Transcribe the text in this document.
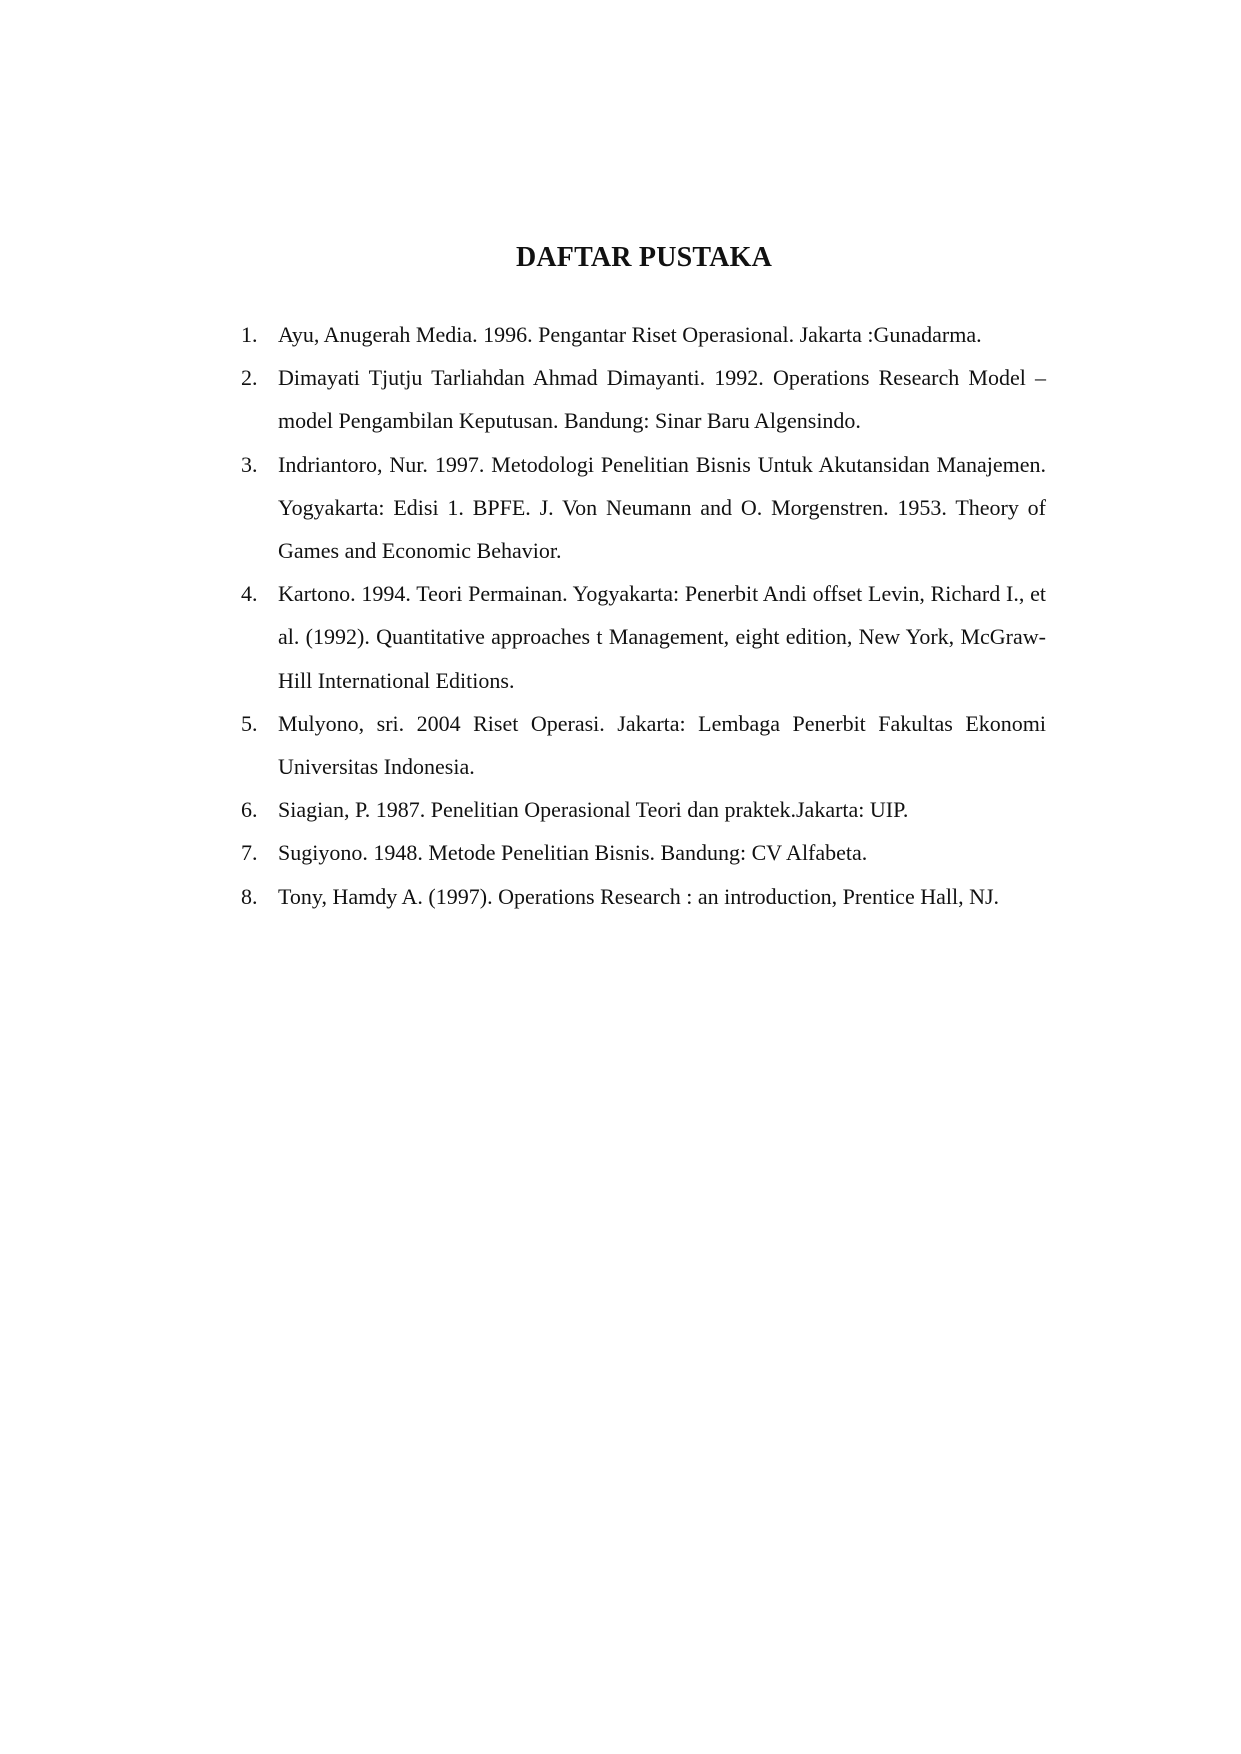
DAFTAR PUSTAKA
1. Ayu, Anugerah Media. 1996. Pengantar Riset Operasional. Jakarta :Gunadarma.
2. Dimayati Tjutju Tarliahdan Ahmad Dimayanti. 1992. Operations Research Model – model Pengambilan Keputusan. Bandung: Sinar Baru Algensindo.
3. Indriantoro, Nur. 1997. Metodologi Penelitian Bisnis Untuk Akutansidan Manajemen. Yogyakarta: Edisi 1. BPFE. J. Von Neumann and O. Morgenstren. 1953. Theory of Games and Economic Behavior.
4. Kartono. 1994. Teori Permainan. Yogyakarta: Penerbit Andi offset Levin, Richard I., et al. (1992). Quantitative approaches t Management, eight edition, New York, McGraw-Hill International Editions.
5. Mulyono, sri. 2004 Riset Operasi. Jakarta: Lembaga Penerbit Fakultas Ekonomi Universitas Indonesia.
6. Siagian, P. 1987. Penelitian Operasional Teori dan praktek.Jakarta: UIP.
7. Sugiyono. 1948. Metode Penelitian Bisnis. Bandung: CV Alfabeta.
8. Tony, Hamdy A. (1997). Operations Research : an introduction, Prentice Hall, NJ.
